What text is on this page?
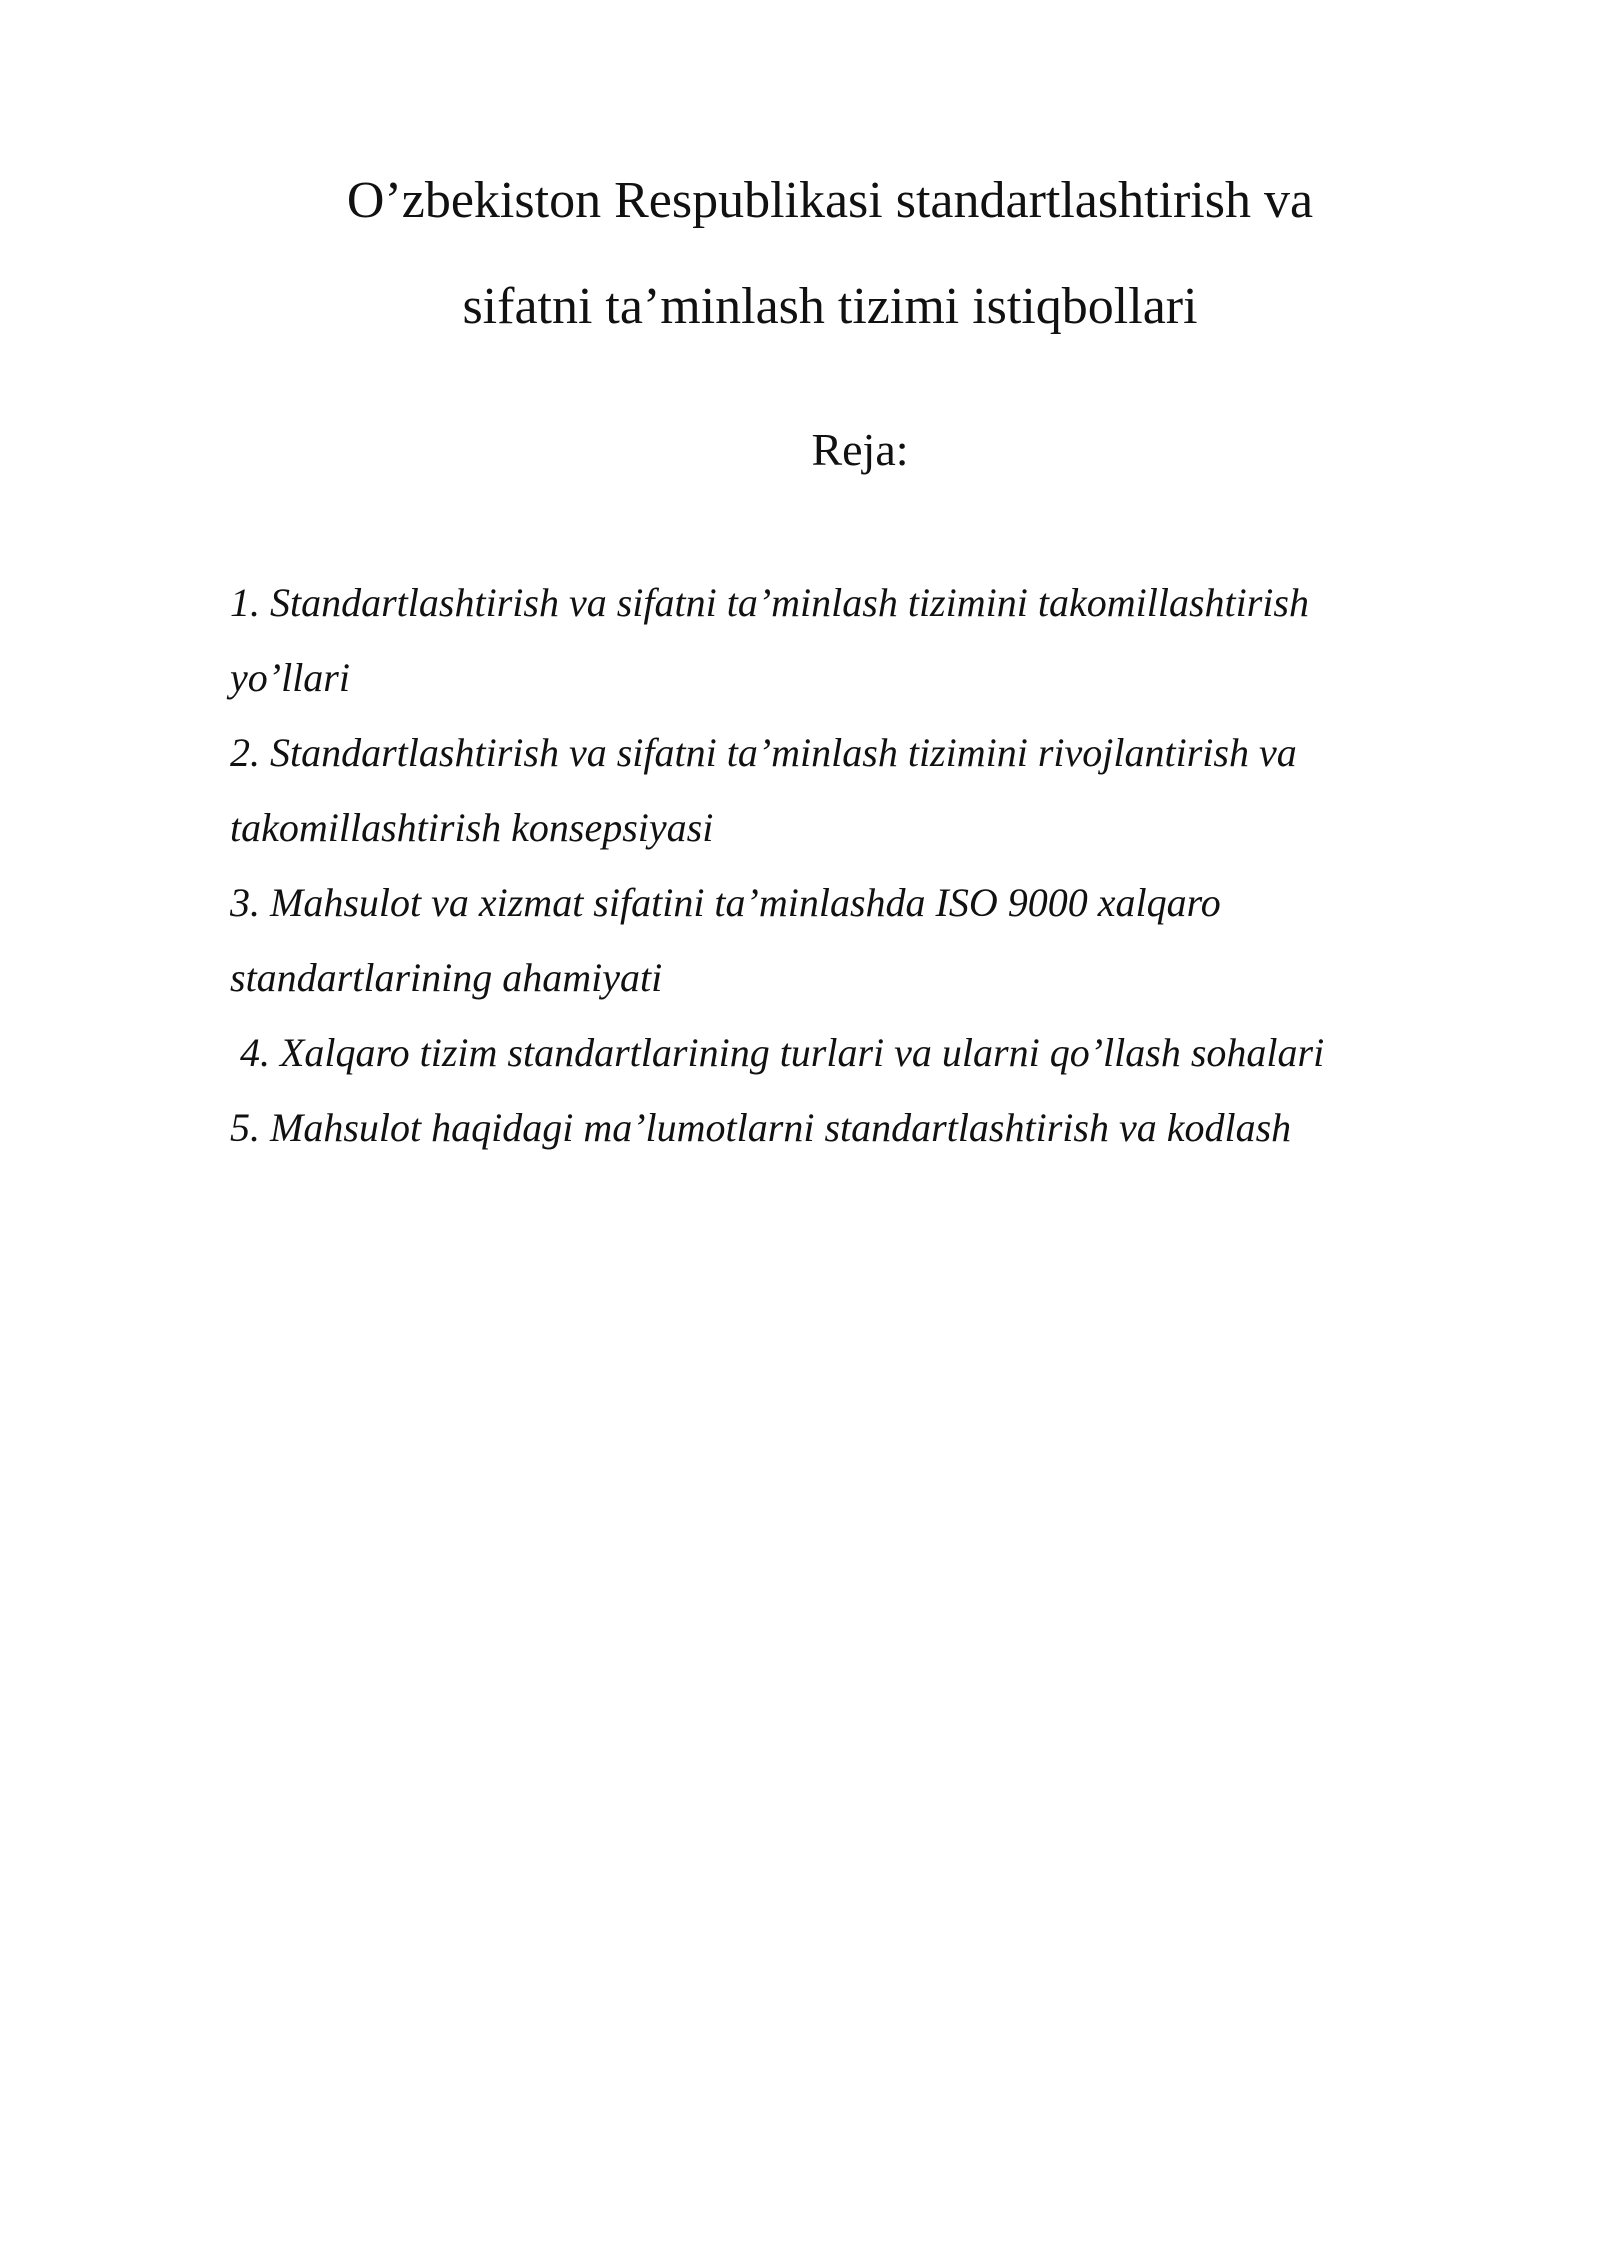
O’zbekiston Respublikasi standartlashtirish va
sifatni ta’minlash tizimi istiqbollari
Reja:
1. Standartlashtirish va sifatni ta’minlash tizimini takomillashtirish
yo’llari
2. Standartlashtirish va sifatni ta’minlash tizimini rivojlantirish va
takomillashtirish konsepsiyasi
3. Mahsulot va xizmat sifatini ta’minlashda ISO 9000 xalqaro
standartlarining ahamiyati
4. Xalqaro tizim standartlarining turlari va ularni qo’llash sohalari
5. Mahsulot haqidagi ma’lumotlarni standartlashtirish va kodlash
